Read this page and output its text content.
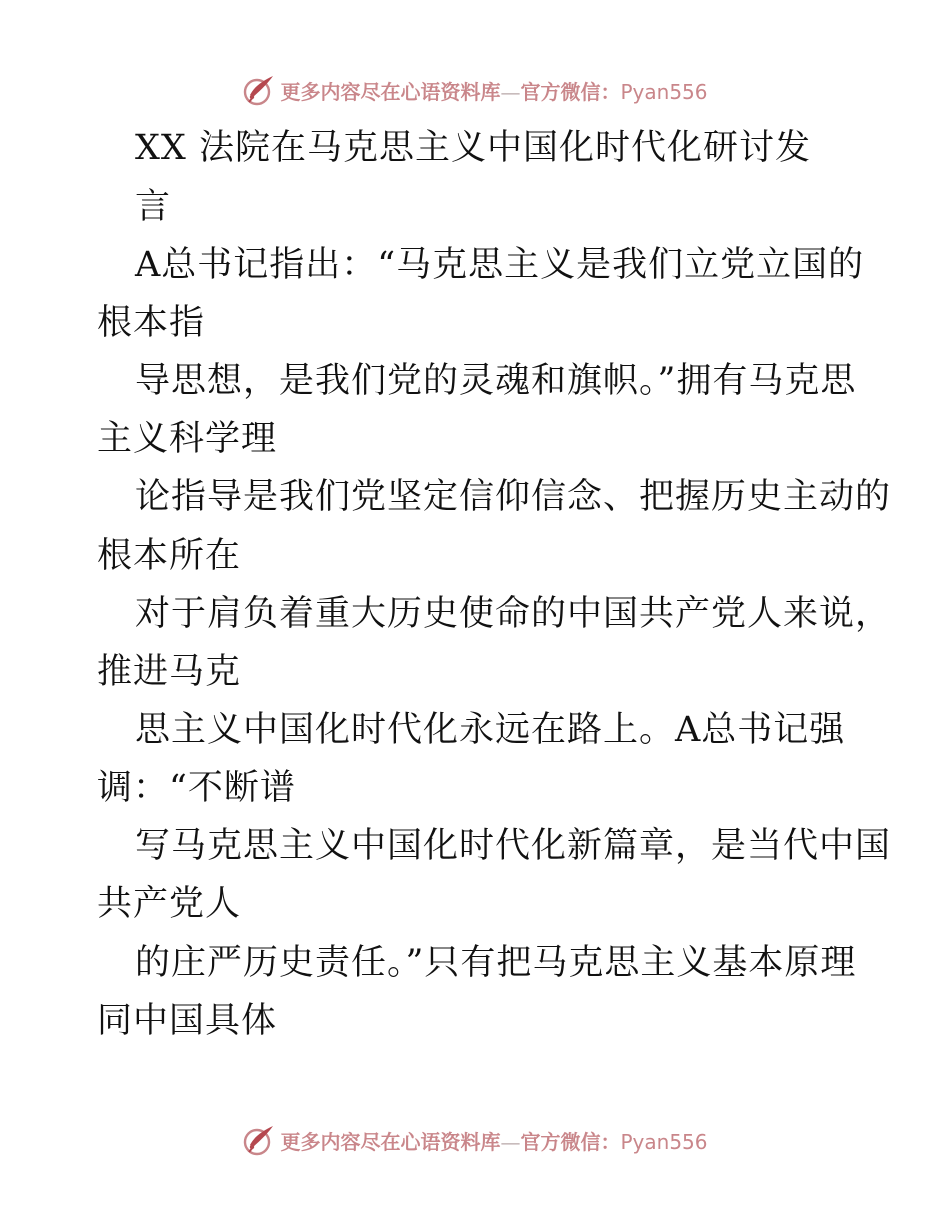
更多内容尽在心语资料库—官方微信：Pyan556
XX 法院在马克思主义中国化时代化研讨发
言
A总书记指出：“马克思主义是我们立党立国的
根本指
导思想，是我们党的灵魂和旗帜。”拥有马克思
主义科学理
论指导是我们党坚定信仰信念、把握历史主动的
根本所在
对于肩负着重大历史使命的中国共产党人来说，
推进马克
思主义中国化时代化永远在路上。A总书记强
调：“不断谱
写马克思主义中国化时代化新篇章，是当代中国
共产党人
的庄严历史责任。”只有把马克思主义基本原理
同中国具体
更多内容尽在心语资料库—官方微信：Pyan556
